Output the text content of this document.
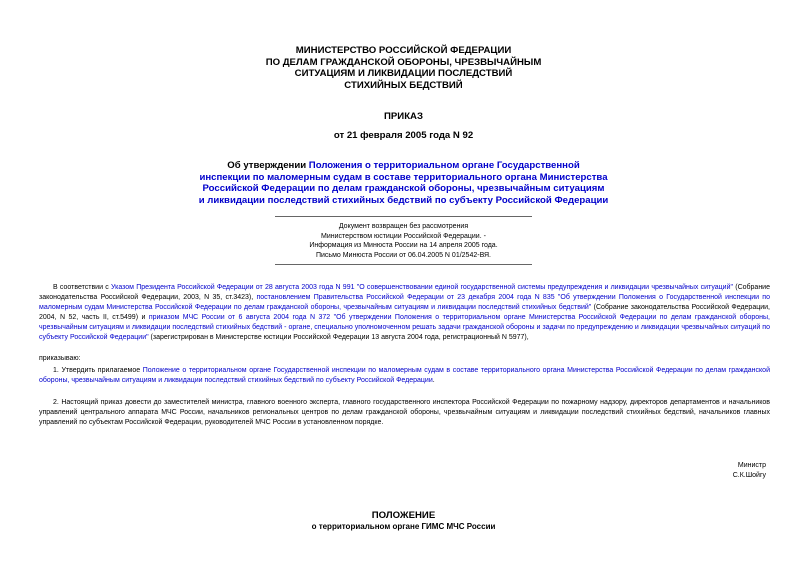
МИНИСТЕРСТВО РОССИЙСКОЙ ФЕДЕРАЦИИ
ПО ДЕЛАМ ГРАЖДАНСКОЙ ОБОРОНЫ, ЧРЕЗВЫЧАЙНЫМ
СИТУАЦИЯМ И ЛИКВИДАЦИИ ПОСЛЕДСТВИЙ
СТИХИЙНЫХ БЕДСТВИЙ
ПРИКАЗ
от 21 февраля 2005 года N 92
Об утверждении Положения о территориальном органе Государственной
инспекции по маломерным судам в составе территориального органа Министерства
Российской Федерации по делам гражданской обороны, чрезвычайным ситуациям
и ликвидации последствий стихийных бедствий по субъекту Российской Федерации
Документ возвращен без рассмотрения
Министерством юстиции Российской Федерации. -
Информация из Минюста России на 14 апреля 2005 года.
Письмо Минюста России от 06.04.2005 N 01/2542-ВЯ.
В соответствии с Указом Президента Российской Федерации от 28 августа 2003 года N 991 "О совершенствовании единой государственной системы предупреждения и ликвидации чрезвычайных ситуаций" (Собрание законодательства Российской Федерации, 2003, N 35, ст.3423), постановлением Правительства Российской Федерации от 23 декабря 2004 года N 835 "Об утверждении Положения о Государственной инспекции по маломерным судам Министерства Российской Федерации по делам гражданской обороны, чрезвычайным ситуациям и ликвидации последствий стихийных бедствий" (Собрание законодательства Российской Федерации, 2004, N 52, часть II, ст.5499) и приказом МЧС России от 6 августа 2004 года N 372 "Об утверждении Положения о территориальном органе Министерства Российской Федерации по делам гражданской обороны, чрезвычайным ситуациям и ликвидации последствий стихийных бедствий - органе, специально уполномоченном решать задачи гражданской обороны и задачи по предупреждению и ликвидации чрезвычайных ситуаций по субъекту Российской Федерации" (зарегистрирован в Министерстве юстиции Российской Федерации 13 августа 2004 года, регистрационный N 5977),
приказываю:
1. Утвердить прилагаемое Положение о территориальном органе Государственной инспекции по маломерным судам в составе территориального органа Министерства Российской Федерации по делам гражданской обороны, чрезвычайным ситуациям и ликвидации последствий стихийных бедствий по субъекту Российской Федерации.
2. Настоящий приказ довести до заместителей министра, главного военного эксперта, главного государственного инспектора Российской Федерации по пожарному надзору, директоров департаментов и начальников управлений центрального аппарата МЧС России, начальников региональных центров по делам гражданской обороны, чрезвычайным ситуациям и ликвидации последствий стихийных бедствий, начальников главных управлений по субъектам Российской Федерации, руководителей МЧС России в установленном порядке.
Министр
С.К.Шойгу
ПОЛОЖЕНИЕ
о территориальном органе ГИМС МЧС России
